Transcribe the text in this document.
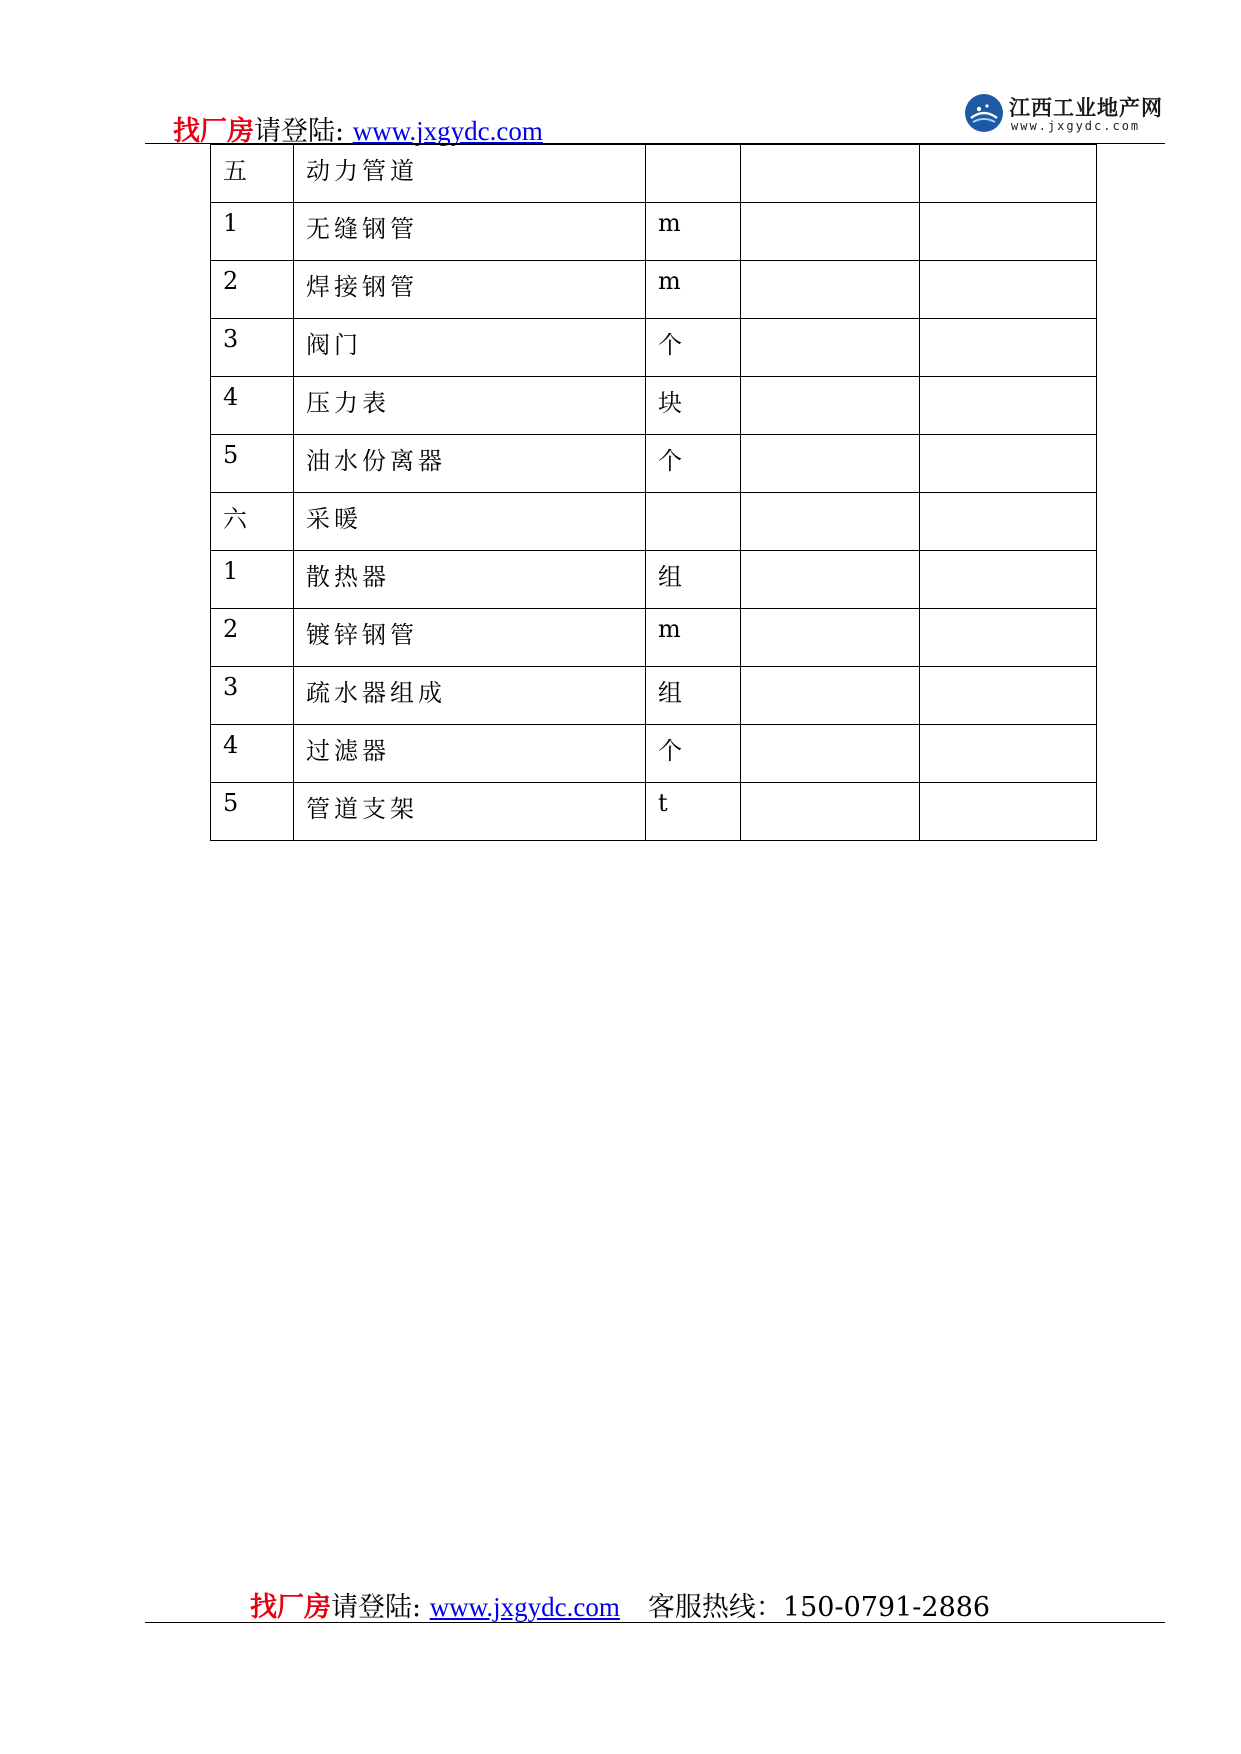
找厂房请登陆: www.jxgydc.com
江西工业地产网
www.jxgydc.com
五	动力管道			

1	无缝钢管	m		

2	焊接钢管	m		

3	阀门	个		

4	压力表	块		

5	油水份离器	个		

六	采暖			

1	散热器	组		

2	镀锌钢管	m		

3	疏水器组成	组		

4	过滤器	个		

5	管道支架	t		

找厂房请登陆: www.jxgydc.com 客服热线：150-0791-2886
